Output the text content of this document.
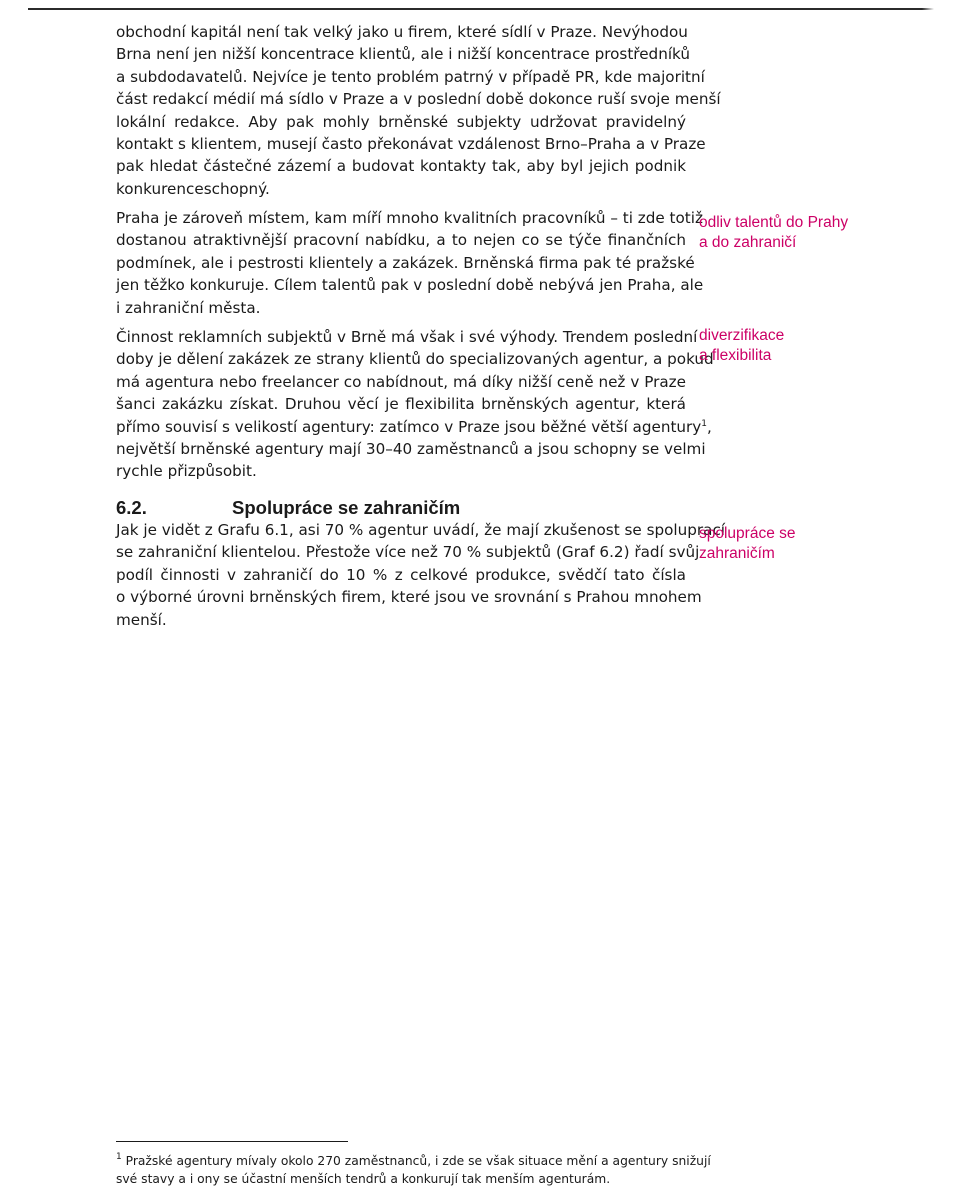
obchodní kapitál není tak velký jako u firem, které sídlí v Praze. Nevýhodou
Brna není jen nižší koncentrace klientů, ale i nižší koncentrace prostředníků
a subdodavatelů. Nejvíce je tento problém patrný v případě PR, kde majoritní
část redakcí médií má sídlo v Praze a v poslední době dokonce ruší svoje menší
lokální redakce. Aby pak mohly brněnské subjekty udržovat pravidelný
kontakt s klientem, musejí často překonávat vzdálenost Brno–Praha a v Praze
pak hledat částečné zázemí a budovat kontakty tak, aby byl jejich podnik
konkurenceschopný.

Praha je zároveň místem, kam míří mnoho kvalitních pracovníků – ti zde totiž
dostanou atraktivnější pracovní nabídku, a to nejen co se týče finančních
podmínek, ale i pestrosti klientely a zakázek. Brněnská firma pak té pražské
jen těžko konkuruje. Cílem talentů pak v poslední době nebývá jen Praha, ale
i zahraniční města.

odliv talentů do Prahy
a do zahraničí

Činnost reklamních subjektů v Brně má však i své výhody. Trendem poslední
doby je dělení zakázek ze strany klientů do specializovaných agentur, a pokud
má agentura nebo freelancer co nabídnout, má díky nižší ceně než v Praze
šanci zakázku získat. Druhou věcí je flexibilita brněnských agentur, která
přímo souvisí s velikostí agentury: zatímco v Praze jsou běžné větší agentury$^1$,
největší brněnské agentury mají 30–40 zaměstnanců a jsou schopny se velmi
rychle přizpůsobit.

diverzifikace
a flexibilita
6.2.	Spolupráce se zahraničím

Jak je vidět z Grafu 6.1, asi 70 % agentur uvádí, že mají zkušenost se spoluprací
se zahraniční klientelou. Přestože více než 70 % subjektů (Graf 6.2) řadí svůj
podíl činnosti v zahraničí do 10 % z celkové produkce, svědčí tato čísla
o výborné úrovni brněnských firem, které jsou ve srovnání s Prahou mnohem
menší.

spolupráce se
zahraničím

$^1$ Pražské agentury mívaly okolo 270 zaměstnanců, i zde se však situace mění a agentury snižují
své stavy a i ony se účastní menších tendrů a konkurují tak menším agenturám.
